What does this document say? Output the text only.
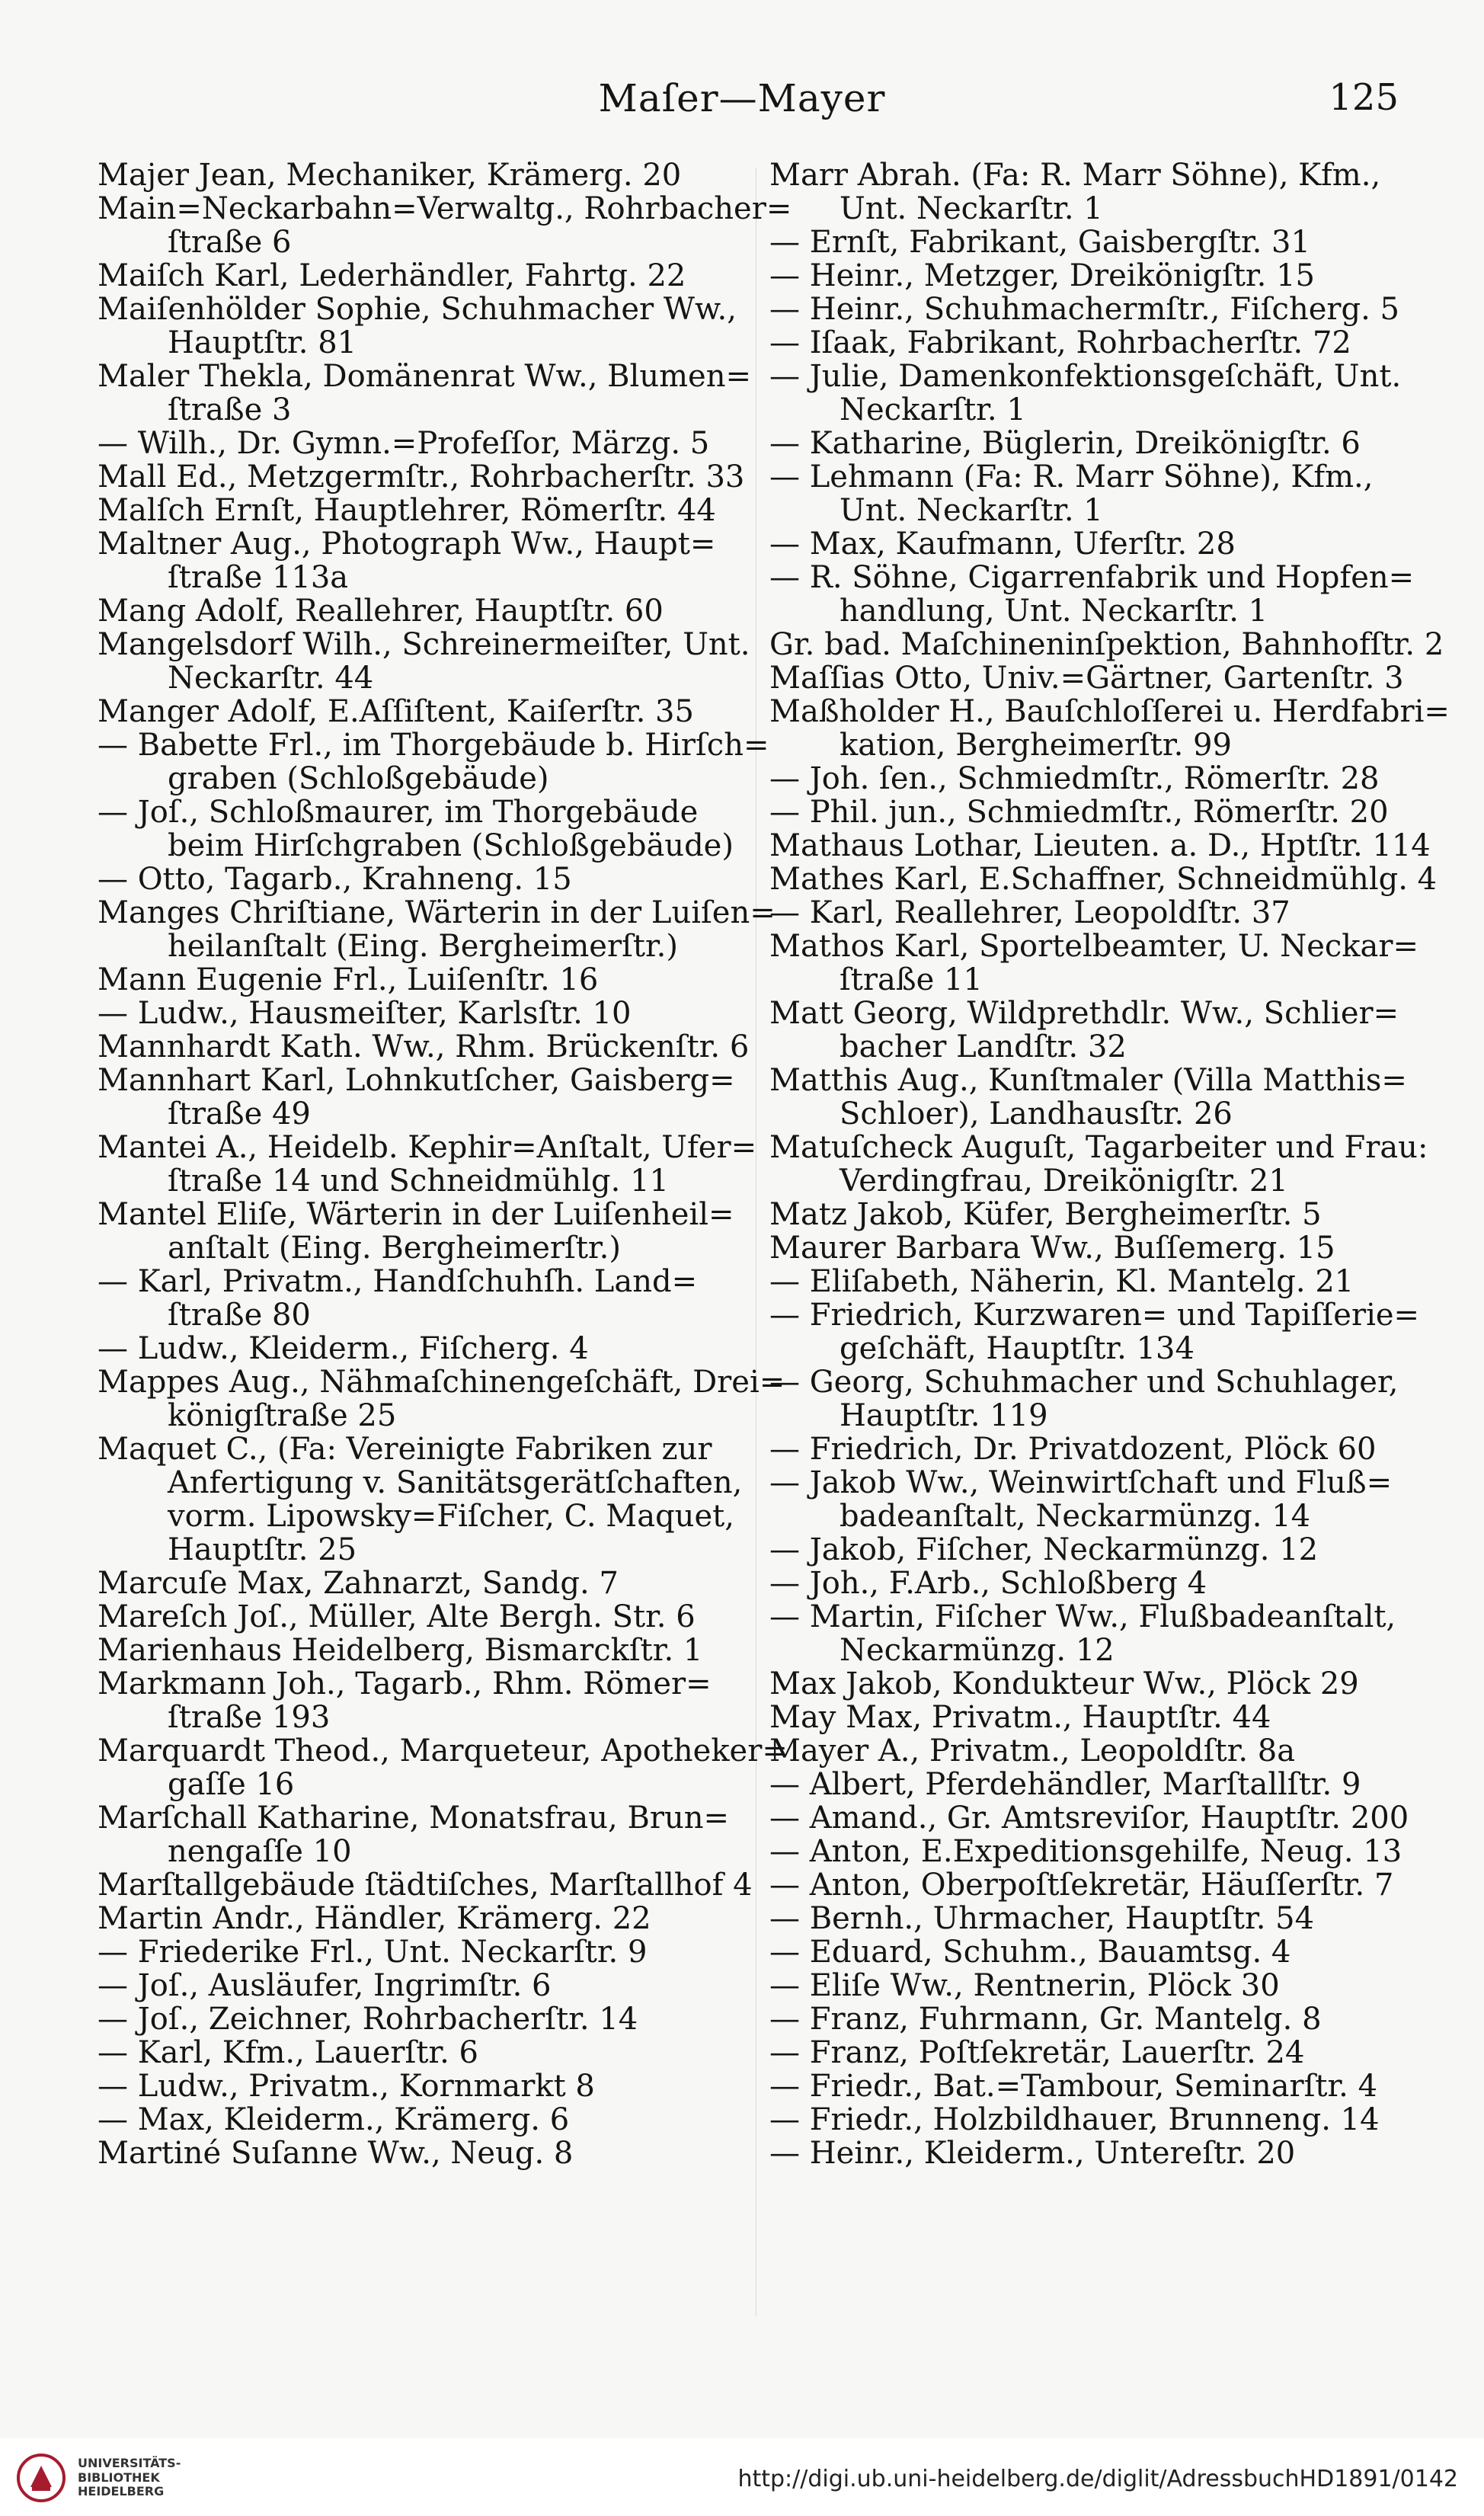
Maſer—Mayer	125

Majer Jean, Mechaniker, Krämerg. 20

Main=Neckarbahn=Verwaltg., Rohrbacher=

ſtraße 6

Maiſch Karl, Lederhändler, Fahrtg. 22

Maiſenhölder Sophie, Schuhmacher Ww.,

Hauptſtr. 81

Maler Thekla, Domänenrat Ww., Blumen=

ſtraße 3

— Wilh., Dr. Gymn.=Profeſſor, Märzg. 5

Mall Ed., Metzgermſtr., Rohrbacherſtr. 33

Malſch Ernſt, Hauptlehrer, Römerſtr. 44

Maltner Aug., Photograph Ww., Haupt=

ſtraße 113a

Mang Adolf, Reallehrer, Hauptſtr. 60

Mangelsdorf Wilh., Schreinermeiſter, Unt.

Neckarſtr. 44

Manger Adolf, E.Aſſiſtent, Kaiſerſtr. 35

— Babette Frl., im Thorgebäude b. Hirſch=

graben (Schloßgebäude)

— Joſ., Schloßmaurer, im Thorgebäude

beim Hirſchgraben (Schloßgebäude)

— Otto, Tagarb., Krahneng. 15

Manges Chriſtiane, Wärterin in der Luiſen=

heilanſtalt (Eing. Bergheimerſtr.)

Mann Eugenie Frl., Luiſenſtr. 16

— Ludw., Hausmeiſter, Karlsſtr. 10

Mannhardt Kath. Ww., Rhm. Brückenſtr. 6

Mannhart Karl, Lohnkutſcher, Gaisberg=

ſtraße 49

Mantei A., Heidelb. Kephir=Anſtalt, Ufer=

ſtraße 14 und Schneidmühlg. 11

Mantel Eliſe, Wärterin in der Luiſenheil=

anſtalt (Eing. Bergheimerſtr.)

— Karl, Privatm., Handſchuhſh. Land=

ſtraße 80

— Ludw., Kleiderm., Fiſcherg. 4

Mappes Aug., Nähmaſchinengeſchäft, Drei=

königſtraße 25

Maquet C., (Fa: Vereinigte Fabriken zur

Anfertigung v. Sanitätsgerätſchaften,

vorm. Lipowsky=Fiſcher, C. Maquet,

Hauptſtr. 25

Marcuſe Max, Zahnarzt, Sandg. 7

Mareſch Joſ., Müller, Alte Bergh. Str. 6

Marienhaus Heidelberg, Bismarckſtr. 1

Markmann Joh., Tagarb., Rhm. Römer=

ſtraße 193

Marquardt Theod., Marqueteur, Apotheker=

gaſſe 16

Marſchall Katharine, Monatsfrau, Brun=

nengaſſe 10

Marſtallgebäude ſtädtiſches, Marſtallhof 4

Martin Andr., Händler, Krämerg. 22

— Friederike Frl., Unt. Neckarſtr. 9

— Joſ., Ausläufer, Ingrimſtr. 6

— Joſ., Zeichner, Rohrbacherſtr. 14

— Karl, Kfm., Lauerſtr. 6

— Ludw., Privatm., Kornmarkt 8

— Max, Kleiderm., Krämerg. 6

Martiné Suſanne Ww., Neug. 8

Marr Abrah. (Fa: R. Marr Söhne), Kfm.,

Unt. Neckarſtr. 1

— Ernſt, Fabrikant, Gaisbergſtr. 31

— Heinr., Metzger, Dreikönigſtr. 15

— Heinr., Schuhmachermſtr., Fiſcherg. 5

— Iſaak, Fabrikant, Rohrbacherſtr. 72

— Julie, Damenkonfektionsgeſchäft, Unt.

Neckarſtr. 1

— Katharine, Büglerin, Dreikönigſtr. 6

— Lehmann (Fa: R. Marr Söhne), Kfm.,

Unt. Neckarſtr. 1

— Max, Kaufmann, Uferſtr. 28

— R. Söhne, Cigarrenfabrik und Hopfen=

handlung, Unt. Neckarſtr. 1

Gr. bad. Maſchineninſpektion, Bahnhofſtr. 2

Maſſias Otto, Univ.=Gärtner, Gartenſtr. 3

Maßholder H., Bauſchloſſerei u. Herdfabri=

kation, Bergheimerſtr. 99

— Joh. ſen., Schmiedmſtr., Römerſtr. 28

— Phil. jun., Schmiedmſtr., Römerſtr. 20

Mathaus Lothar, Lieuten. a. D., Hptſtr. 114

Mathes Karl, E.Schaffner, Schneidmühlg. 4

— Karl, Reallehrer, Leopoldſtr. 37

Mathos Karl, Sportelbeamter, U. Neckar=

ſtraße 11

Matt Georg, Wildprethdlr. Ww., Schlier=

bacher Landſtr. 32

Matthis Aug., Kunſtmaler (Villa Matthis=

Schloer), Landhausſtr. 26

Matuſcheck Auguſt, Tagarbeiter und Frau:

Verdingfrau, Dreikönigſtr. 21

Matz Jakob, Küfer, Bergheimerſtr. 5

Maurer Barbara Ww., Buſſemerg. 15

— Eliſabeth, Näherin, Kl. Mantelg. 21

— Friedrich, Kurzwaren= und Tapiſſerie=

geſchäft, Hauptſtr. 134

— Georg, Schuhmacher und Schuhlager,

Hauptſtr. 119

— Friedrich, Dr. Privatdozent, Plöck 60

— Jakob Ww., Weinwirtſchaft und Fluß=

badeanſtalt, Neckarmünzg. 14

— Jakob, Fiſcher, Neckarmünzg. 12

— Joh., F.Arb., Schloßberg 4

— Martin, Fiſcher Ww., Flußbadeanſtalt,

Neckarmünzg. 12

Max Jakob, Kondukteur Ww., Plöck 29

May Max, Privatm., Hauptſtr. 44

Mayer A., Privatm., Leopoldſtr. 8a

— Albert, Pferdehändler, Marſtallſtr. 9

— Amand., Gr. Amtsreviſor, Hauptſtr. 200

— Anton, E.Expeditionsgehilfe, Neug. 13

— Anton, Oberpoſtſekretär, Häuſſerſtr. 7

— Bernh., Uhrmacher, Hauptſtr. 54

— Eduard, Schuhm., Bauamtsg. 4

— Eliſe Ww., Rentnerin, Plöck 30

— Franz, Fuhrmann, Gr. Mantelg. 8

— Franz, Poſtſekretär, Lauerſtr. 24

— Friedr., Bat.=Tambour, Seminarſtr. 4

— Friedr., Holzbildhauer, Brunneng. 14

— Heinr., Kleiderm., Untereſtr. 20

UNIVERSITÄTS-
BIBLIOTHEK
HEIDELBERG	http://digi.ub.uni-heidelberg.de/diglit/AdressbuchHD1891/0142
